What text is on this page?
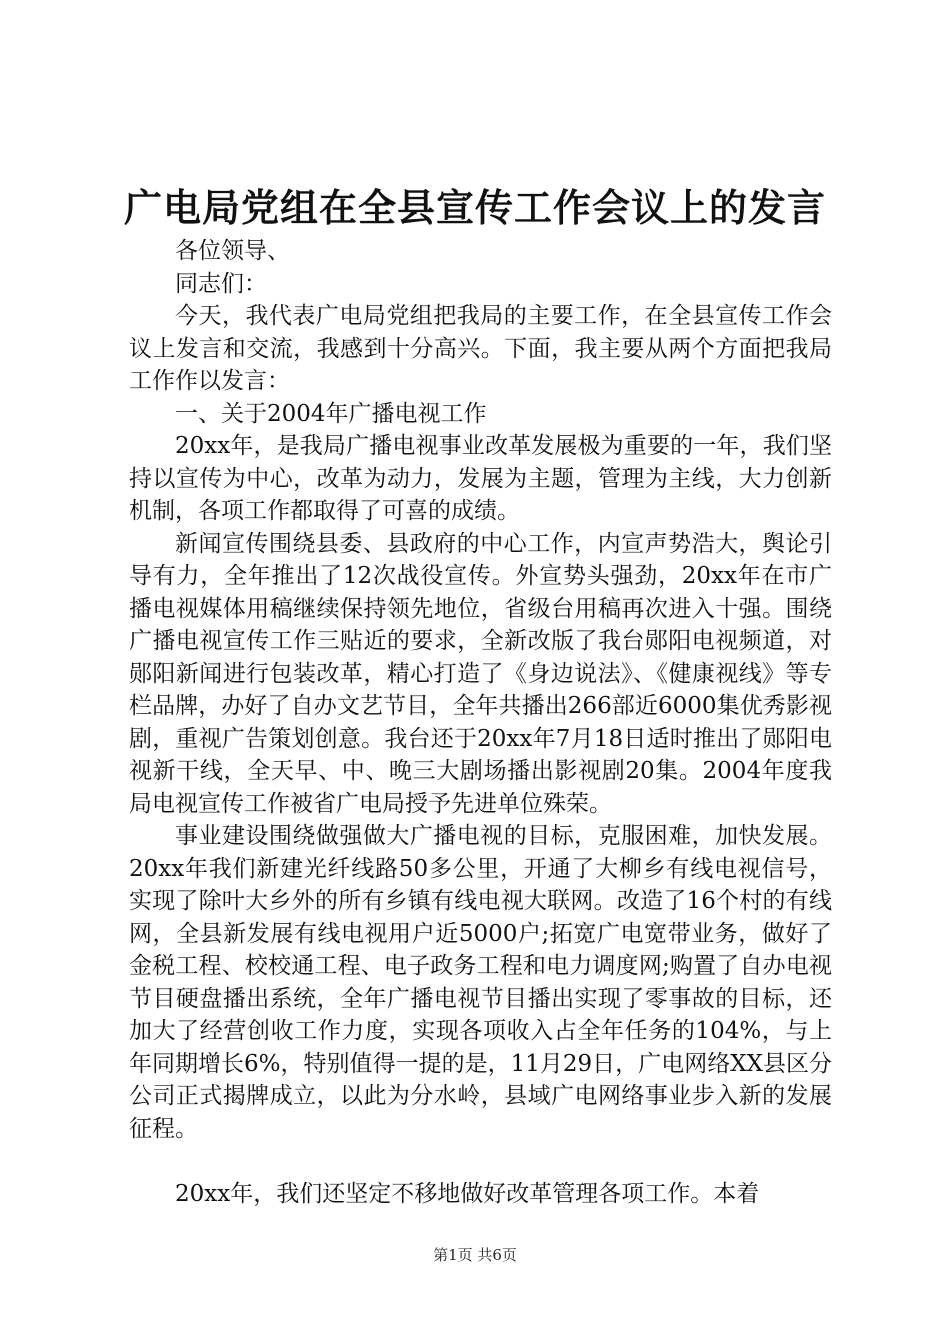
广电局党组在全县宣传工作会议上的发言

各位领导、

同志们：

今天，我代表广电局党组把我局的主要工作，在全县宣传工作会议上发言和交流，我感到十分高兴。下面，我主要从两个方面把我局工作作以发言：

一、关于2004年广播电视工作

20xx年，是我局广播电视事业改革发展极为重要的一年，我们坚持以宣传为中心，改革为动力，发展为主题，管理为主线，大力创新机制，各项工作都取得了可喜的成绩。

新闻宣传围绕县委、县政府的中心工作，内宣声势浩大，舆论引导有力，全年推出了12次战役宣传。外宣势头强劲，20xx年在市广播电视媒体用稿继续保持领先地位，省级台用稿再次进入十强。围绕广播电视宣传工作三贴近的要求，全新改版了我台郧阳电视频道，对郧阳新闻进行包装改革，精心打造了《身边说法》、《健康视线》等专栏品牌，办好了自办文艺节目，全年共播出266部近6000集优秀影视剧，重视广告策划创意。我台还于20xx年7月18日适时推出了郧阳电视新干线，全天早、中、晚三大剧场播出影视剧20集。2004年度我局电视宣传工作被省广电局授予先进单位殊荣。

事业建设围绕做强做大广播电视的目标，克服困难，加快发展。20xx年我们新建光纤线路50多公里，开通了大柳乡有线电视信号，实现了除叶大乡外的所有乡镇有线电视大联网。改造了16个村的有线网，全县新发展有线电视用户近5000户;拓宽广电宽带业务，做好了金税工程、校校通工程、电子政务工程和电力调度网;购置了自办电视节目硬盘播出系统，全年广播电视节目播出实现了零事故的目标，还加大了经营创收工作力度，实现各项收入占全年任务的104%，与上年同期增长6%，特别值得一提的是，11月29日，广电网络XX县区分公司正式揭牌成立，以此为分水岭，县域广电网络事业步入新的发展征程。

20xx年，我们还坚定不移地做好改革管理各项工作。本着

第1页 共6页
